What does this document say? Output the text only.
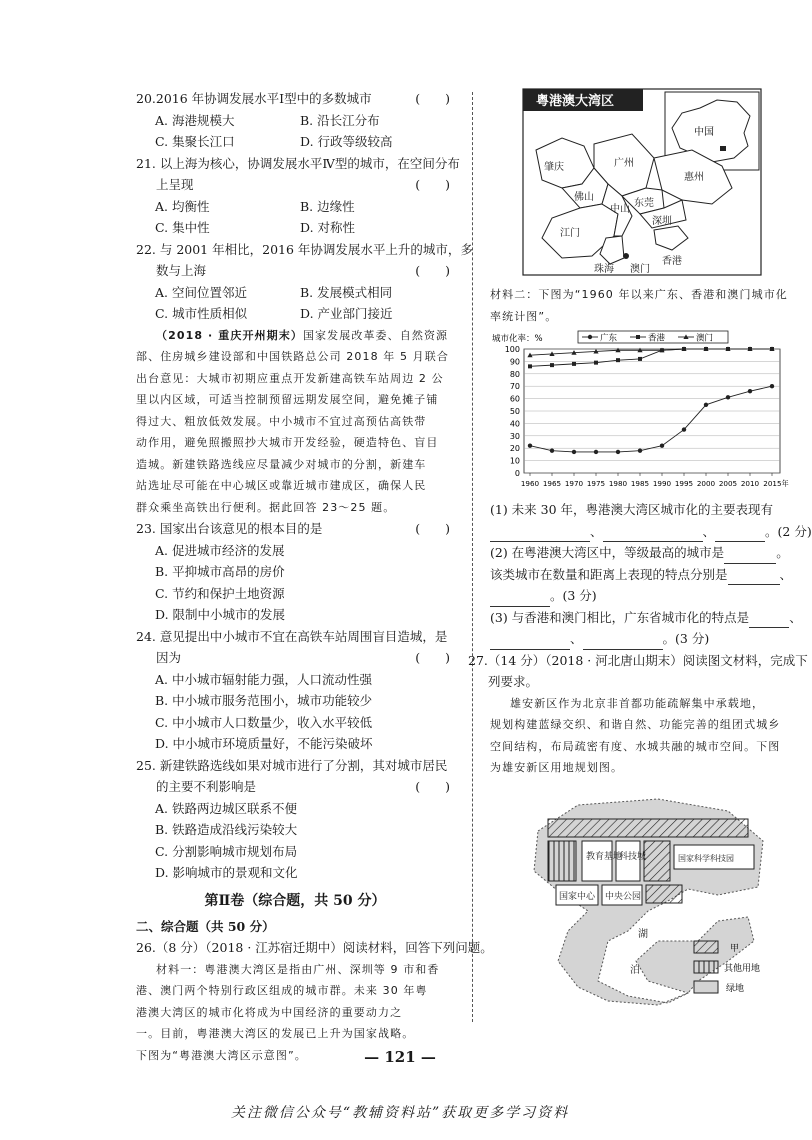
20.2016 年协调发展水平Ⅰ型中的多数城市	(　　)
A. 海港规模大	B. 沿长江分布
C. 集聚长江口	D. 行政等级较高
21. 以上海为核心，协调发展水平Ⅳ型的城市，在空间分布
上呈现	(　　)
A. 均衡性	B. 边缘性
C. 集中性	D. 对称性
22. 与 2001 年相比，2016 年协调发展水平上升的城市，多
数与上海	(　　)
A. 空间位置邻近	B. 发展模式相同
C. 城市性质相似	D. 产业部门接近
（2018 · 重庆开州期末）国家发展改革委、自然资源
部、住房城乡建设部和中国铁路总公司 2018 年 5 月联合
出台意见：大城市初期应重点开发新建高铁车站周边 2 公
里以内区域，可适当控制预留远期发展空间，避免摊子铺
得过大、粗放低效发展。中小城市不宜过高预估高铁带
动作用，避免照搬照抄大城市开发经验，硬造特色、盲目
造城。新建铁路选线应尽量减少对城市的分割，新建车
站选址尽可能在中心城区或靠近城市建成区，确保人民
群众乘坐高铁出行便利。据此回答 23～25 题。
23. 国家出台该意见的根本目的是	(　　)
A. 促进城市经济的发展
B. 平抑城市高昂的房价
C. 节约和保护土地资源
D. 限制中小城市的发展
24. 意见提出中小城市不宜在高铁车站周围盲目造城，是
因为	(　　)
A. 中小城市辐射能力强，人口流动性强
B. 中小城市服务范围小，城市功能较少
C. 中小城市人口数量少，收入水平较低
D. 中小城市环境质量好，不能污染破坏
25. 新建铁路选线如果对城市进行了分割，其对城市居民
的主要不利影响是	(　　)
A. 铁路两边城区联系不便
B. 铁路造成沿线污染较大
C. 分割影响城市规划布局
D. 影响城市的景观和文化
第Ⅱ卷（综合题，共 50 分）
二、综合题（共 50 分）
26.（8 分）（2018 · 江苏宿迁期中）阅读材料，回答下列问题。
材料一：粤港澳大湾区是指由广州、深圳等 9 市和香
港、澳门两个特别行政区组成的城市群。未来 30 年粤
港澳大湾区的城市化将成为中国经济的重要动力之
一。目前，粤港澳大湾区的发展已上升为国家战略。
下图为“粤港澳大湾区示意图”。
粤港澳大湾区
中国
肇庆	广州
惠州
佛山
东莞
中山
深圳
江门
香港
珠海 澳门
材料二：下图为“1960 年以来广东、香港和澳门城市化
率统计图”。
城市化率：%	广东	香港	澳门
0
10
20
30
40
50
60
70
80
90
100
1960 1965 1970 1975 1980 1985 1990 1995 2000 2005 2010 2015年
(1) 未来 30 年，粤港澳大湾区城市化的主要表现有
、	、	。(2 分)
(2) 在粤港澳大湾区中，等级最高的城市是	。
该类城市在数量和距离上表现的特点分别是	、
。(3 分)
(3) 与香港和澳门相比，广东省城市化的特点是	、
、	。(3 分)
27.（14 分）（2018 · 河北唐山期末）阅读图文材料，完成下
列要求。
雄安新区作为北京非首都功能疏解集中承载地，
规划构建蓝绿交织、和谐自然、功能完善的组团式城乡
空间结构，布局疏密有度、水城共融的城市空间。下图
为雄安新区用地规划图。
教育基地
科技城	国家科学科技园
国家中心 中央公园
湖
泊
甲
其他用地
绿地
— 121 —
关注微信公众号“教辅资料站”获取更多学习资料
